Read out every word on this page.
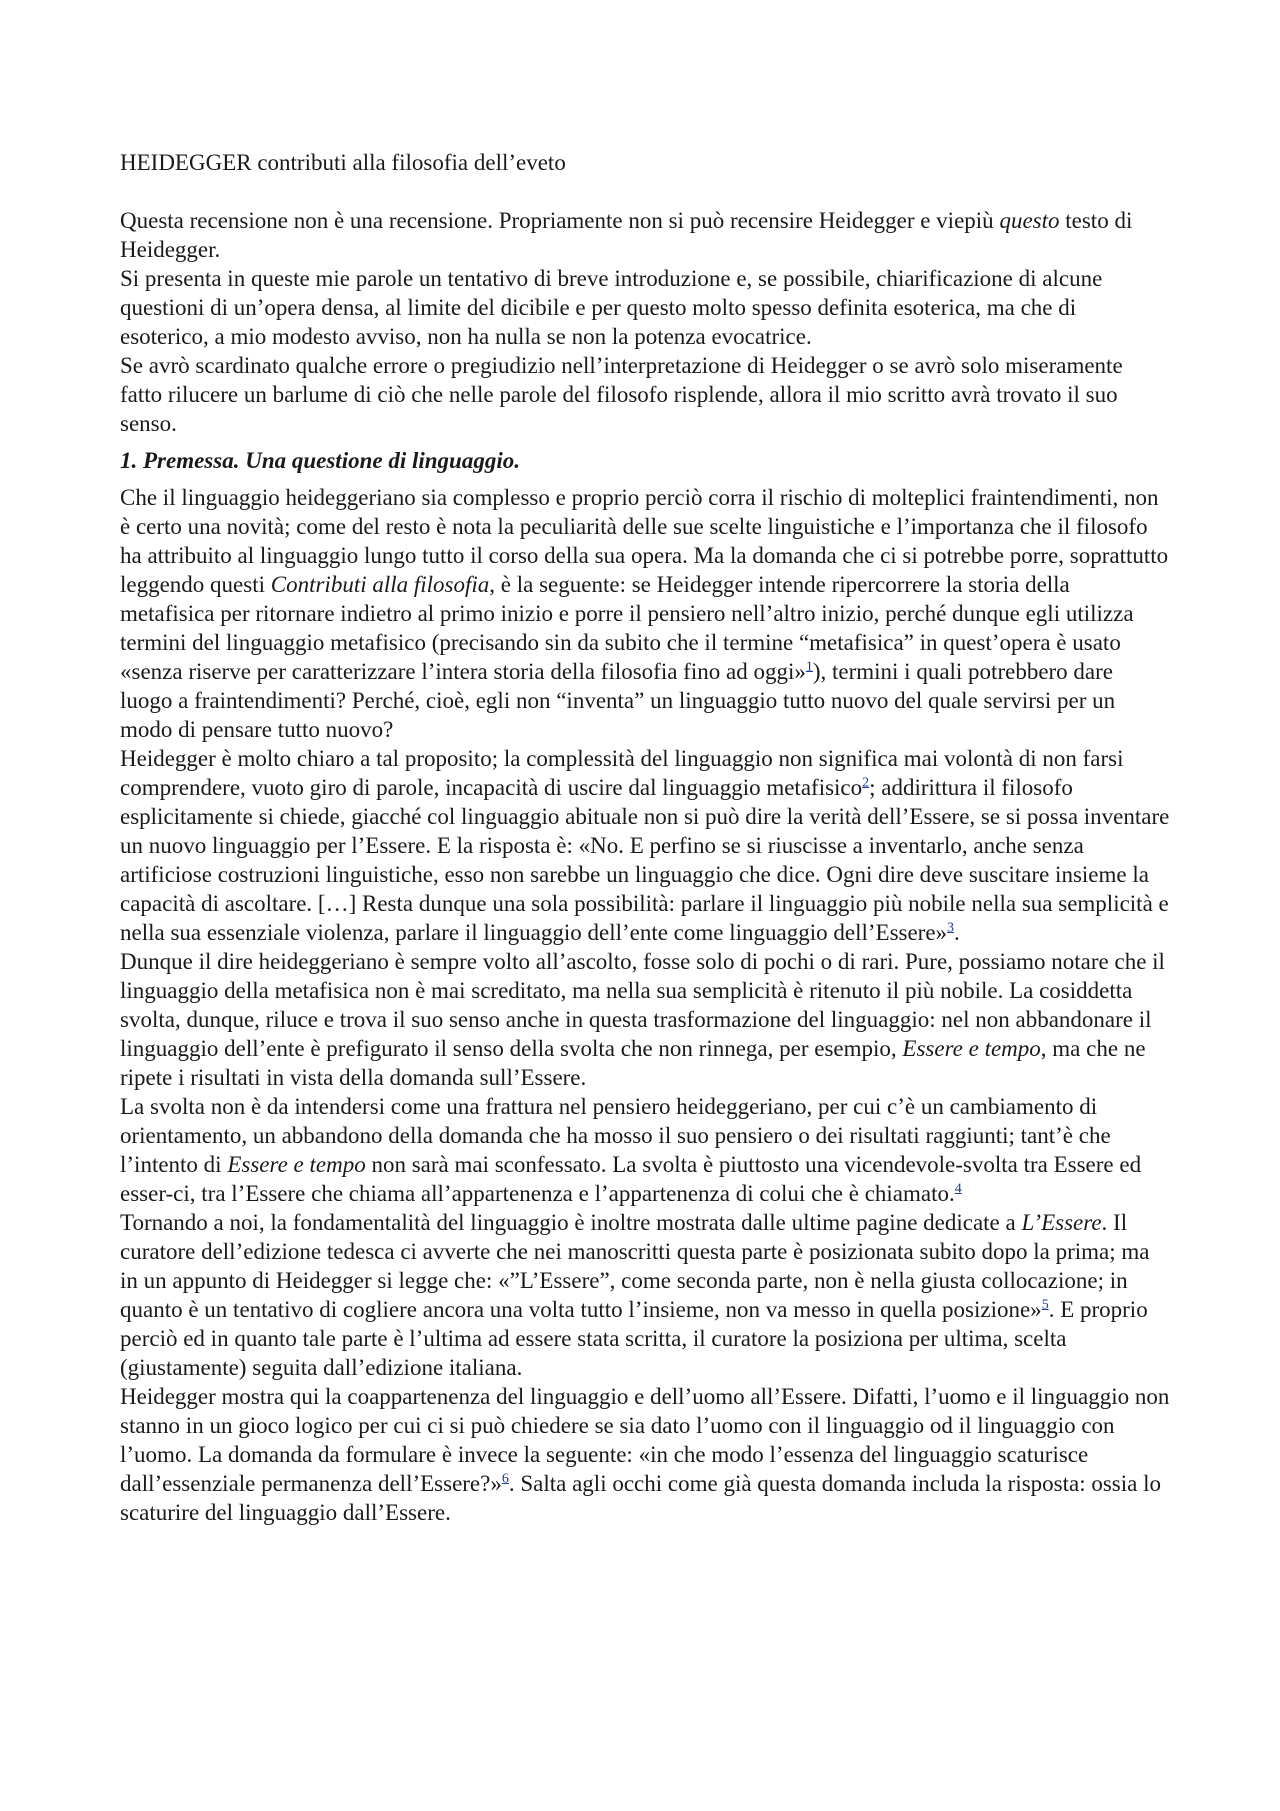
HEIDEGGER contributi alla filosofia dell’eveto

Questa recensione non è una recensione. Propriamente non si può recensire Heidegger e viepiù questo testo di Heidegger.

Si presenta in queste mie parole un tentativo di breve introduzione e, se possibile, chiarificazione di alcune questioni di un’opera densa, al limite del dicibile e per questo molto spesso definita esoterica, ma che di esoterico, a mio modesto avviso, non ha nulla se non la potenza evocatrice.

Se avrò scardinato qualche errore o pregiudizio nell’interpretazione di Heidegger o se avrò solo miseramente fatto rilucere un barlume di ciò che nelle parole del filosofo risplende, allora il mio scritto avrà trovato il suo senso.

1. Premessa. Una questione di linguaggio.

Che il linguaggio heideggeriano sia complesso e proprio perciò corra il rischio di molteplici fraintendimenti, non è certo una novità; come del resto è nota la peculiarità delle sue scelte linguistiche e l’importanza che il filosofo ha attribuito al linguaggio lungo tutto il corso della sua opera. Ma la domanda che ci si potrebbe porre, soprattutto leggendo questi Contributi alla filosofia, è la seguente: se Heidegger intende ripercorrere la storia della metafisica per ritornare indietro al primo inizio e porre il pensiero nell’altro inizio, perché dunque egli utilizza termini del linguaggio metafisico (precisando sin da subito che il termine “metafisica” in quest’opera è usato «senza riserve per caratterizzare l’intera storia della filosofia fino ad oggi»$^1$), termini i quali potrebbero dare luogo a fraintendimenti? Perché, cioè, egli non “inventa” un linguaggio tutto nuovo del quale servirsi per un modo di pensare tutto nuovo?

Heidegger è molto chiaro a tal proposito; la complessità del linguaggio non significa mai volontà di non farsi comprendere, vuoto giro di parole, incapacità di uscire dal linguaggio metafisico$^2$; addirittura il filosofo esplicitamente si chiede, giacché col linguaggio abituale non si può dire la verità dell’Essere, se si possa inventare un nuovo linguaggio per l’Essere. E la risposta è: «No. E perfino se si riuscisse a inventarlo, anche senza artificiose costruzioni linguistiche, esso non sarebbe un linguaggio che dice. Ogni dire deve suscitare insieme la capacità di ascoltare. […] Resta dunque una sola possibilità: parlare il linguaggio più nobile nella sua semplicità e nella sua essenziale violenza, parlare il linguaggio dell’ente come linguaggio dell’Essere»$^3$.

Dunque il dire heideggeriano è sempre volto all’ascolto, fosse solo di pochi o di rari. Pure, possiamo notare che il linguaggio della metafisica non è mai screditato, ma nella sua semplicità è ritenuto il più nobile. La cosiddetta svolta, dunque, riluce e trova il suo senso anche in questa trasformazione del linguaggio: nel non abbandonare il linguaggio dell’ente è prefigurato il senso della svolta che non rinnega, per esempio, Essere e tempo, ma che ne ripete i risultati in vista della domanda sull’Essere.

La svolta non è da intendersi come una frattura nel pensiero heideggeriano, per cui c’è un cambiamento di orientamento, un abbandono della domanda che ha mosso il suo pensiero o dei risultati raggiunti; tant’è che l’intento di Essere e tempo non sarà mai sconfessato. La svolta è piuttosto una vicendevole-svolta tra Essere ed esser-ci, tra l’Essere che chiama all’appartenenza e l’appartenenza di colui che è chiamato.$^4$

Tornando a noi, la fondamentalità del linguaggio è inoltre mostrata dalle ultime pagine dedicate a L’Essere. Il curatore dell’edizione tedesca ci avverte che nei manoscritti questa parte è posizionata subito dopo la prima; ma in un appunto di Heidegger si legge che: «”L’Essere”, come seconda parte, non è nella giusta collocazione; in quanto è un tentativo di cogliere ancora una volta tutto l’insieme, non va messo in quella posizione»$^5$. E proprio perciò ed in quanto tale parte è l’ultima ad essere stata scritta, il curatore la posiziona per ultima, scelta (giustamente) seguita dall’edizione italiana.

Heidegger mostra qui la coappartenenza del linguaggio e dell’uomo all’Essere. Difatti, l’uomo e il linguaggio non stanno in un gioco logico per cui ci si può chiedere se sia dato l’uomo con il linguaggio od il linguaggio con l’uomo. La domanda da formulare è invece la seguente: «in che modo l’essenza del linguaggio scaturisce dall’essenziale permanenza dell’Essere?»$^6$. Salta agli occhi come già questa domanda includa la risposta: ossia lo scaturire del linguaggio dall’Essere.
